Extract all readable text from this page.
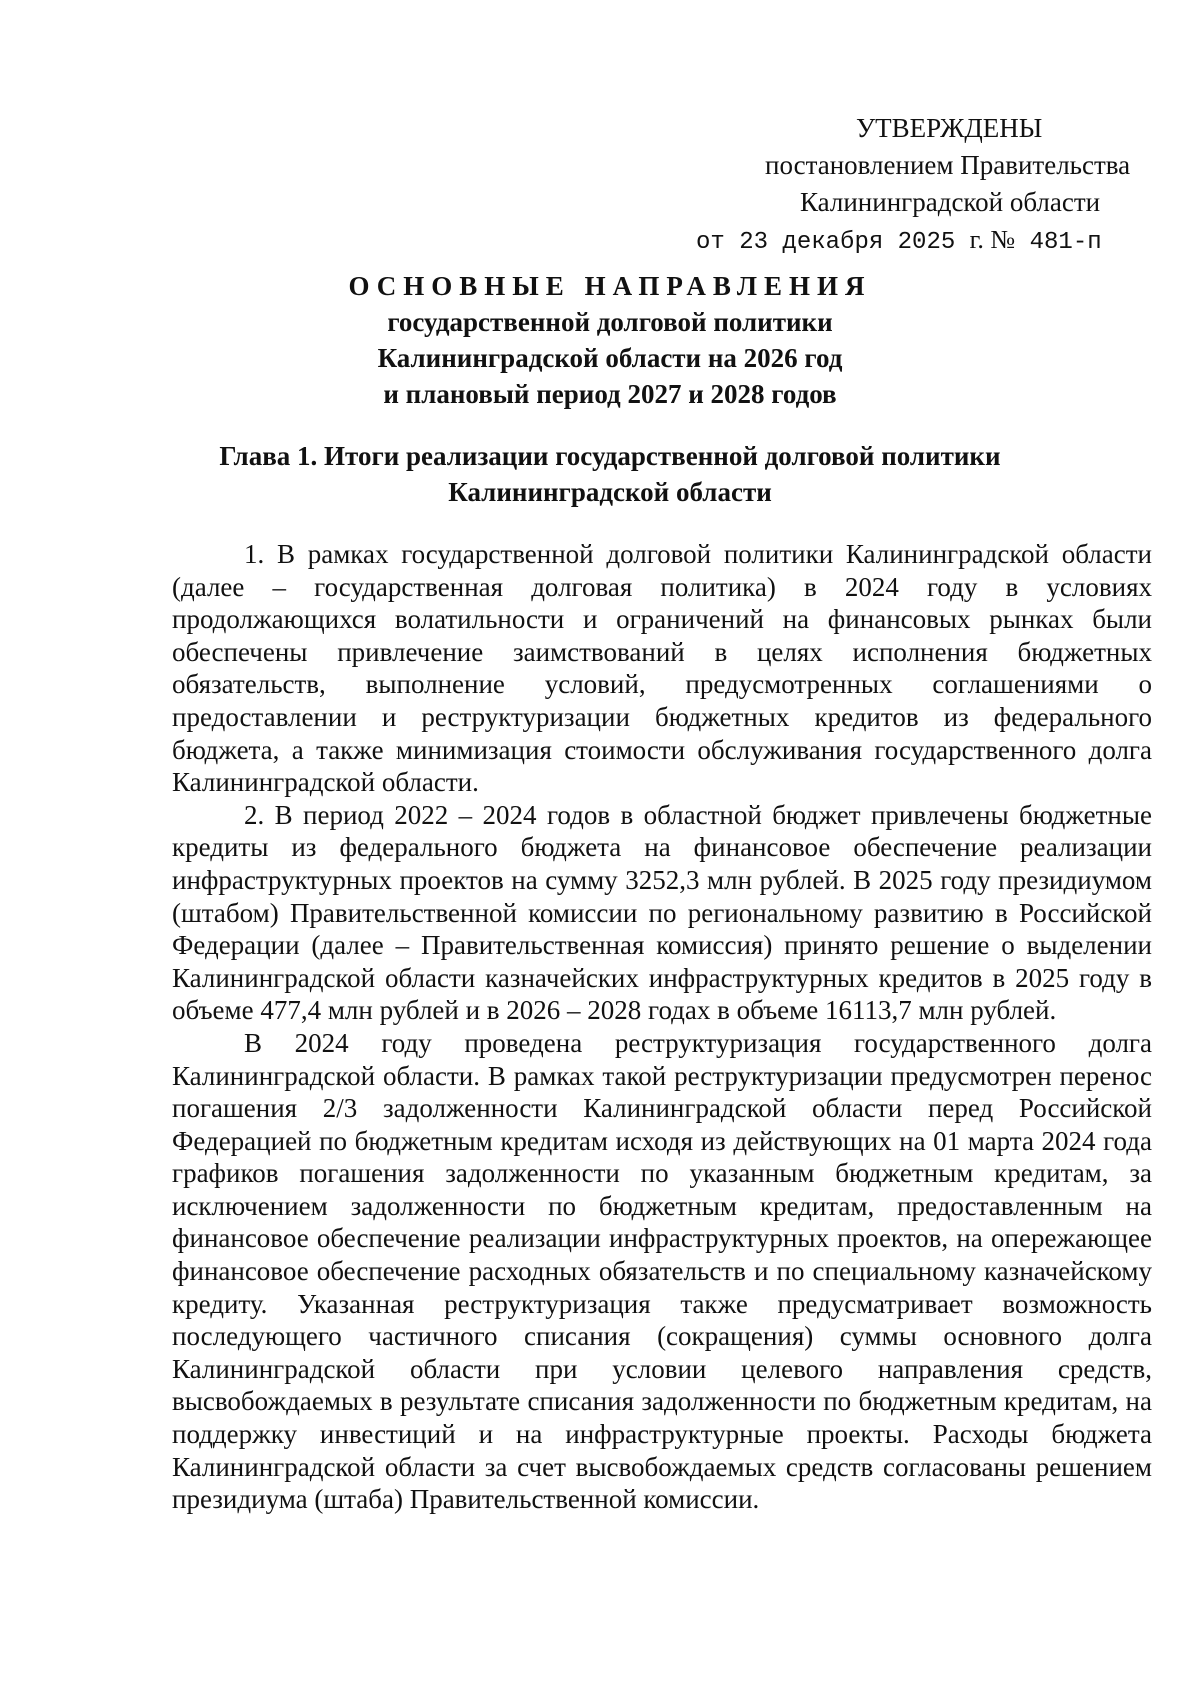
УТВЕРЖДЕНЫ
постановлением Правительства
Калининградской области
от 23 декабря 2025 г. № 481-п
ОСНОВНЫЕ НАПРАВЛЕНИЯ
государственной долговой политики
Калининградской области на 2026 год
и плановый период 2027 и 2028 годов
Глава 1. Итоги реализации государственной долговой политики
Калининградской области

1. В рамках государственной долговой политики Калининградской области (далее – государственная долговая политика) в 2024 году в условиях продолжающихся волатильности и ограничений на финансовых рынках были обеспечены привлечение заимствований в целях исполнения бюджетных обязательств, выполнение условий, предусмотренных соглашениями о предоставлении и реструктуризации бюджетных кредитов из федерального бюджета, а также минимизация стоимости обслуживания государственного долга Калининградской области.

2. В период 2022 – 2024 годов в областной бюджет привлечены бюджетные кредиты из федерального бюджета на финансовое обеспечение реализации инфраструктурных проектов на сумму 3252,3 млн рублей. В 2025 году президиумом (штабом) Правительственной комиссии по региональному развитию в Российской Федерации (далее – Правительственная комиссия) принято решение о выделении Калининградской области казначейских инфраструктурных кредитов в 2025 году в объеме 477,4 млн рублей и в 2026 – 2028 годах в объеме 16113,7 млн рублей.

В 2024 году проведена реструктуризация государственного долга Калининградской области. В рамках такой реструктуризации предусмотрен перенос погашения 2/3 задолженности Калининградской области перед Российской Федерацией по бюджетным кредитам исходя из действующих на 01 марта 2024 года графиков погашения задолженности по указанным бюджетным кредитам, за исключением задолженности по бюджетным кредитам, предоставленным на финансовое обеспечение реализации инфраструктурных проектов, на опережающее финансовое обеспечение расходных обязательств и по специальному казначейскому кредиту. Указанная реструктуризация также предусматривает возможность последующего частичного списания (сокращения) суммы основного долга Калининградской области при условии целевого направления средств, высвобождаемых в результате списания задолженности по бюджетным кредитам, на поддержку инвестиций и на инфраструктурные проекты. Расходы бюджета Калининградской области за счет высвобождаемых средств согласованы решением президиума (штаба) Правительственной комиссии.
